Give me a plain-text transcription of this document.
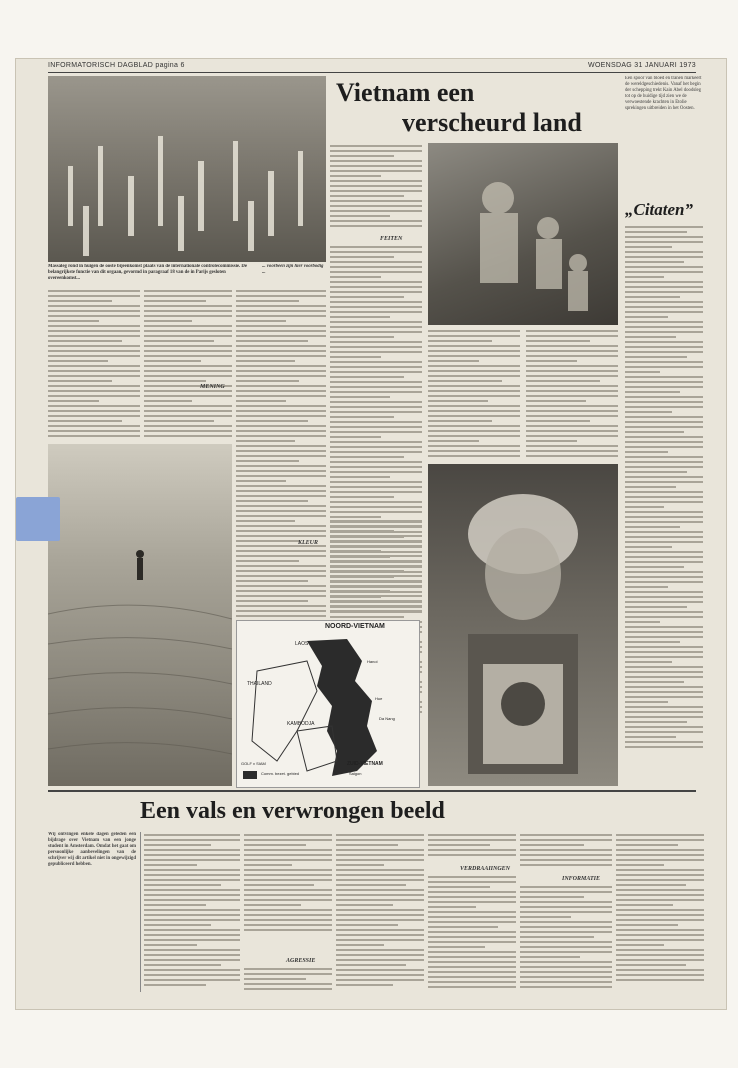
INFORMATORISCH DAGBLAD pagina 6	WOENSDAG 31 JANUARI 1973
Massaleg rond in huigen de ooste bijeenkomst plaats van de internationale controlecommissie. De belangrijkste functie van dit orgaan, gevormd in paragraaf 18 van de in Parijs gesloten overeenkomst...
... voorbeen zijn hier voorbodig ...
Vietnam een
verscheurd land
Een spoor van bloed en tranen markeert de wereldgeschiedenis. Vanaf het begin der schepping trekt Kain Abel doodsleg tot op de huidige tijd zien we de verwoestende krachten in Etolie sprekingen uitbreiden in het Oosten.
„Citaten”
FEITEN
MENING
KLEUR
NOORD-VIETNAM
LAOS
THAILAND
KAMBODJA
ZUID-VIETNAM
GOLF v SIAM
Hanoi
Hue
Da Nang
Saigon
Comm. bezet. gebied
Een vals en verwrongen beeld
Wij ontvingen enkele dagen geleden een bijdrage over Vietnam van een jonge student in Amsterdam. Omdat het gaat om persoonlijke aanbevelingen van de schrijver wij dit artikel niet in ongewijzigd gepubliceerd hebben.
AGRESSIE
VERDRAAIINGEN
INFORMATIE
